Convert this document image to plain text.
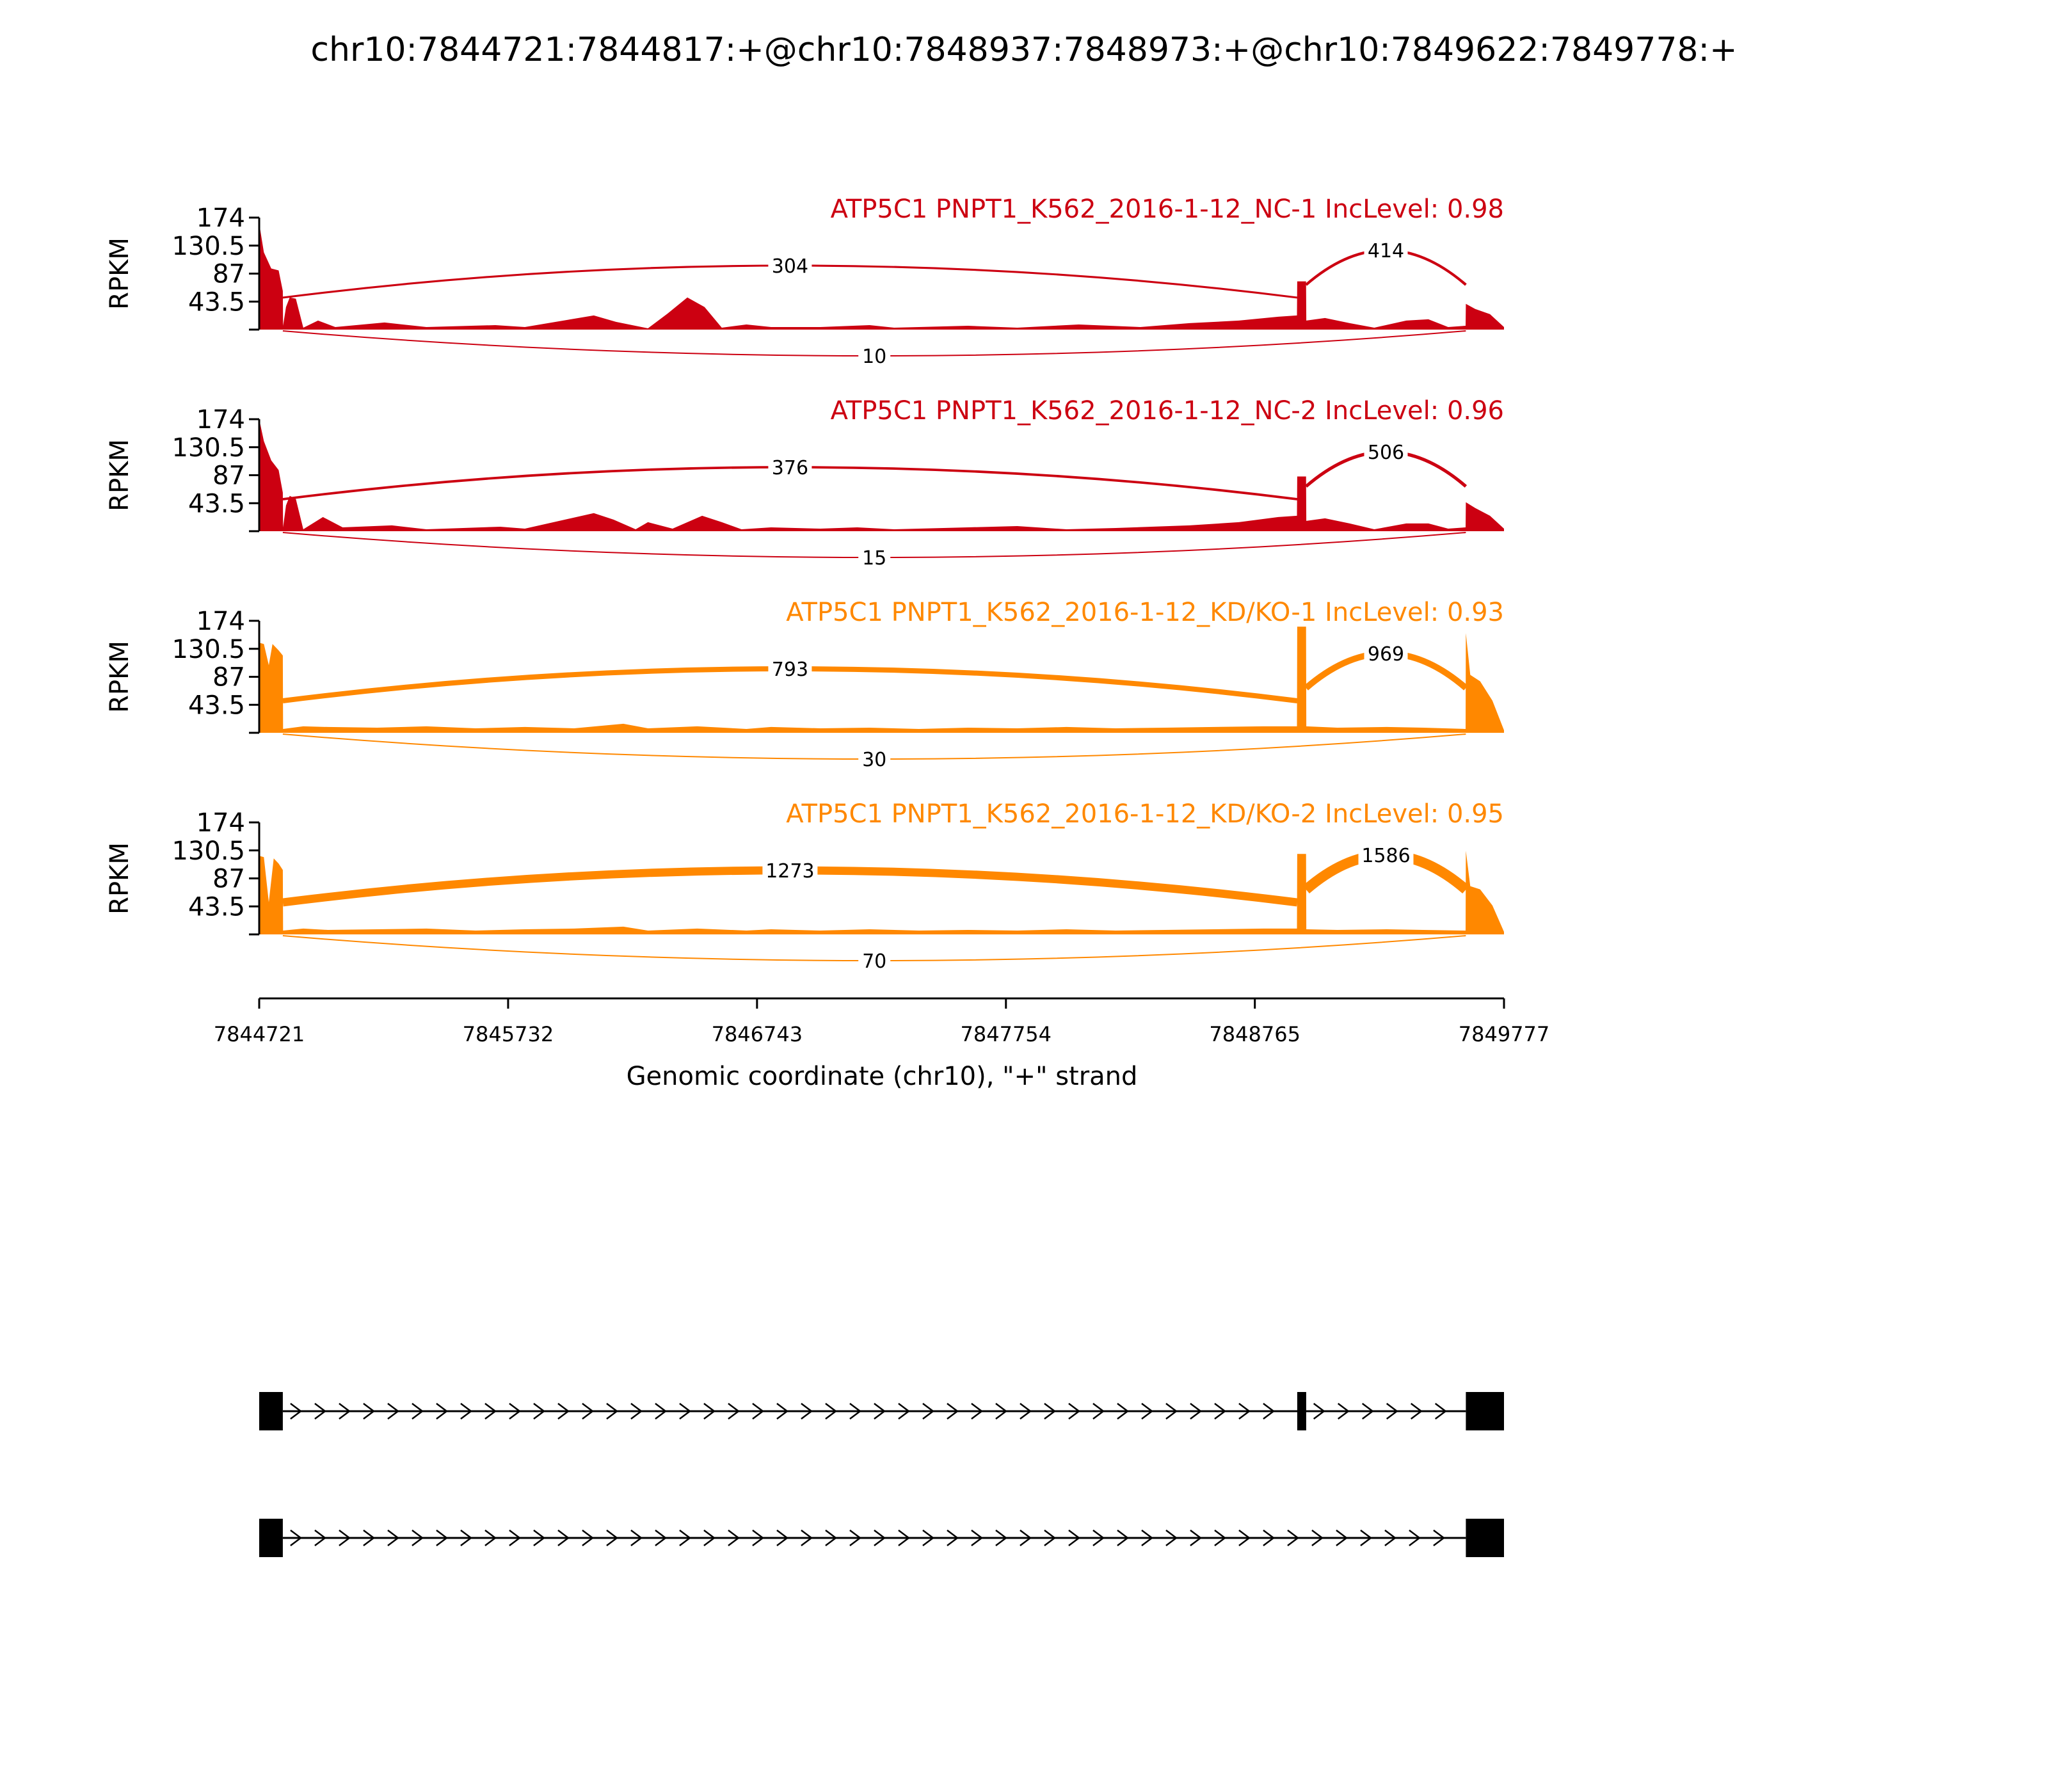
chr10:7844721:7844817:+@chr10:7848937:7848973:+@chr10:7849622:7849778:+
304
414
10
ATP5C1 PNPT1_K562_2016-1-12_NC-1 IncLevel: 0.98
174
130.5
87
43.5
RPKM
376
506
15
ATP5C1 PNPT1_K562_2016-1-12_NC-2 IncLevel: 0.96
174
130.5
87
43.5
RPKM
793
969
30
ATP5C1 PNPT1_K562_2016-1-12_KD/KO-1 IncLevel: 0.93
174
130.5
87
43.5
RPKM
1273
1586
70
ATP5C1 PNPT1_K562_2016-1-12_KD/KO-2 IncLevel: 0.95
174
130.5
87
43.5
RPKM
7844721	7845732	7846743	7847754	7848765	7849777
Genomic coordinate (chr10), "+" strand
